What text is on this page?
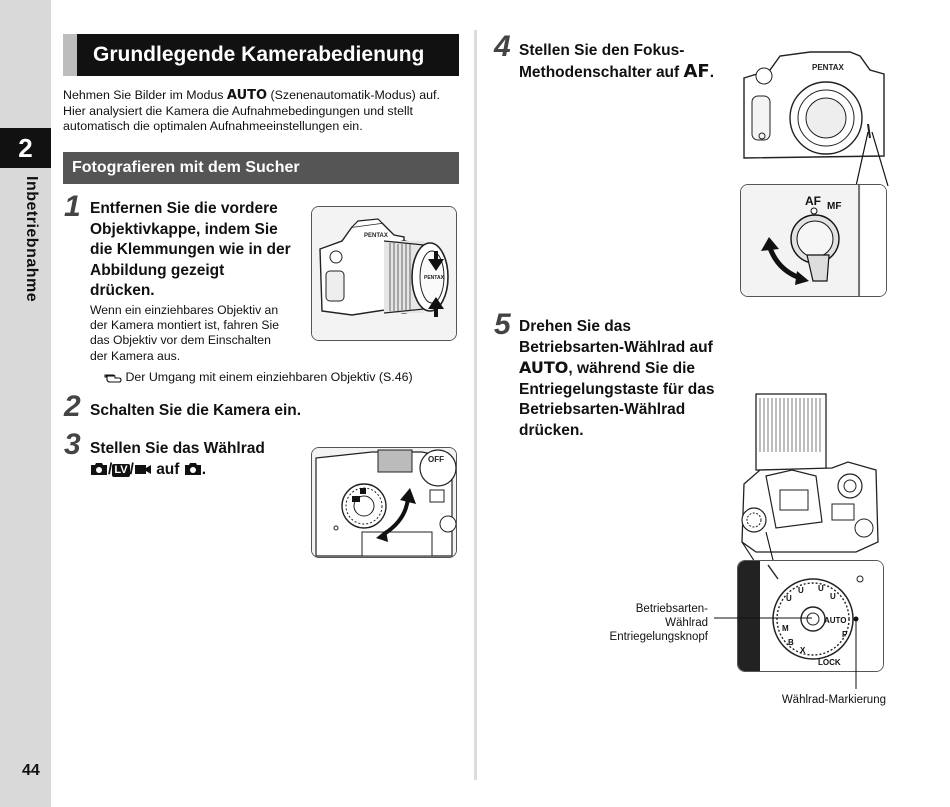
2
Inbetriebnahme
44
Grundlegende Kamerabedienung
Nehmen Sie Bilder im Modus AUTO (Szenenautomatik-Modus) auf.
Hier analysiert die Kamera die Aufnahmebedingungen und stellt
automatisch die optimalen Aufnahmeeinstellungen ein.
Fotografieren mit dem Sucher
1 Entfernen Sie die vordere
Objektivkappe, indem Sie
die Klemmungen wie in der
Abbildung gezeigt
drücken.
Wenn ein einziehbares Objektiv an
der Kamera montiert ist, fahren Sie
das Objektiv vor dem Einschalten
der Kamera aus.
Der Umgang mit einem einziehbaren Objektiv (S.46)
PENTAX
PENTAX
2 Schalten Sie die Kamera ein.
3 Stellen Sie das Wählrad
/ LV / auf .
OFF
4 Stellen Sie den Fokus-
Methodenschalter auf AF.	PENTAX
AF MF
5 Drehen Sie das
Betriebsarten-Wählrad auf
AUTO, während Sie die
Entriegelungstaste für das
Betriebsarten-Wählrad
drücken.
AUTO
U
U U
U
P
M
B
X
LOCK
Betriebsarten-
Wählrad
Entriegelungsknopf
Wählrad-Markierung
